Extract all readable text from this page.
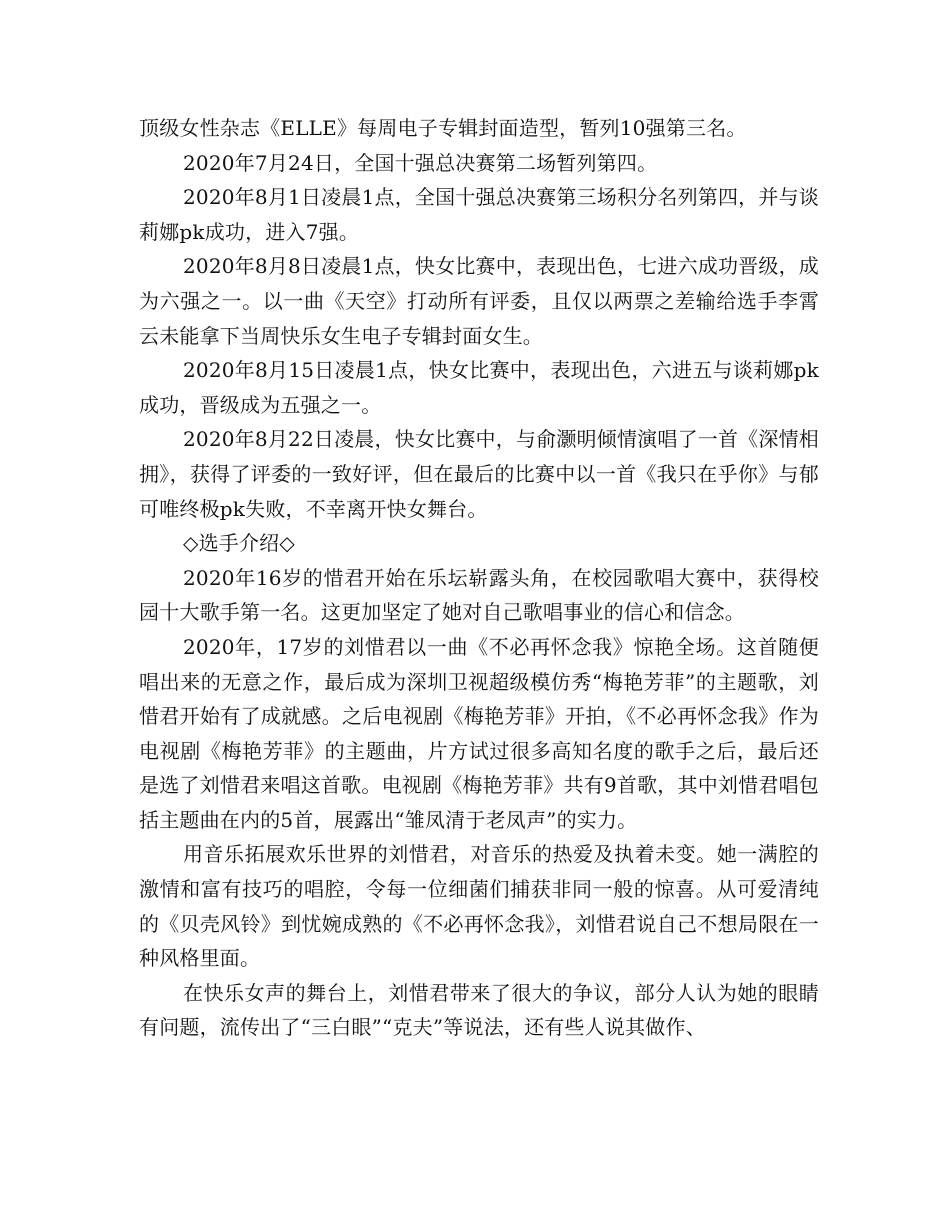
顶级女性杂志《ELLE》每周电子专辑封面造型，暂列10强第三名。

2020年7月24日，全国十强总决赛第二场暂列第四。

2020年8月1日凌晨1点，全国十强总决赛第三场积分名列第四，并与谈莉娜pk成功，进入7强。

2020年8月8日凌晨1点，快女比赛中，表现出色，七进六成功晋级，成为六强之一。以一曲《天空》打动所有评委，且仅以两票之差输给选手李霄云未能拿下当周快乐女生电子专辑封面女生。

2020年8月15日凌晨1点，快女比赛中，表现出色，六进五与谈莉娜pk成功，晋级成为五强之一。

2020年8月22日凌晨，快女比赛中，与俞灏明倾情演唱了一首《深情相拥》，获得了评委的一致好评，但在最后的比赛中以一首《我只在乎你》与郁可唯终极pk失败，不幸离开快女舞台。

◇选手介绍◇

2020年16岁的惜君开始在乐坛崭露头角，在校园歌唱大赛中，获得校园十大歌手第一名。这更加坚定了她对自己歌唱事业的信心和信念。

2020年，17岁的刘惜君以一曲《不必再怀念我》惊艳全场。这首随便唱出来的无意之作，最后成为深圳卫视超级模仿秀“梅艳芳菲”的主题歌，刘惜君开始有了成就感。之后电视剧《梅艳芳菲》开拍，《不必再怀念我》作为电视剧《梅艳芳菲》的主题曲，片方试过很多高知名度的歌手之后，最后还是选了刘惜君来唱这首歌。电视剧《梅艳芳菲》共有9首歌，其中刘惜君唱包括主题曲在内的5首，展露出“雏凤清于老凤声”的实力。

用音乐拓展欢乐世界的刘惜君，对音乐的热爱及执着未变。她一满腔的激情和富有技巧的唱腔，令每一位细菌们捕获非同一般的惊喜。从可爱清纯的《贝壳风铃》到忧婉成熟的《不必再怀念我》，刘惜君说自己不想局限在一种风格里面。

在快乐女声的舞台上，刘惜君带来了很大的争议，部分人认为她的眼睛有问题，流传出了“三白眼”“克夫”等说法，还有些人说其做作、
